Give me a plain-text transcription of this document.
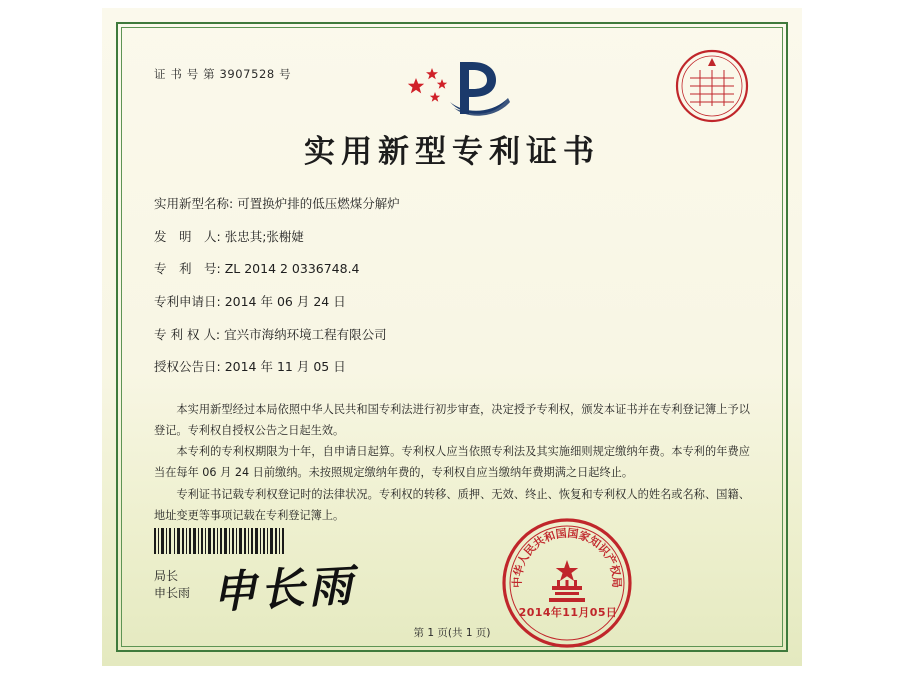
证 书 号 第 3907528 号
实用新型专利证书
实用新型名称: 可置换炉排的低压燃煤分解炉
发　明　人: 张忠其;张榭婕
专　利　号: ZL 2014 2 0336748.4
专利申请日: 2014 年 06 月 24 日
专 利 权 人: 宜兴市海纳环境工程有限公司
授权公告日: 2014 年 11 月 05 日

本实用新型经过本局依照中华人民共和国专利法进行初步审查，决定授予专利权，颁发本证书并在专利登记簿上予以登记。专利权自授权公告之日起生效。

本专利的专利权期限为十年，自申请日起算。专利权人应当依照专利法及其实施细则规定缴纳年费。本专利的年费应当在每年 06 月 24 日前缴纳。未按照规定缴纳年费的，专利权自应当缴纳年费期满之日起终止。

专利证书记载专利权登记时的法律状况。专利权的转移、质押、无效、终止、恢复和专利权人的姓名或名称、国籍、地址变更等事项记载在专利登记簿上。

局长
申长雨 申长雨	中华人民共和国国家知识产权局
2014年11月05日
第 1 页(共 1 页)
